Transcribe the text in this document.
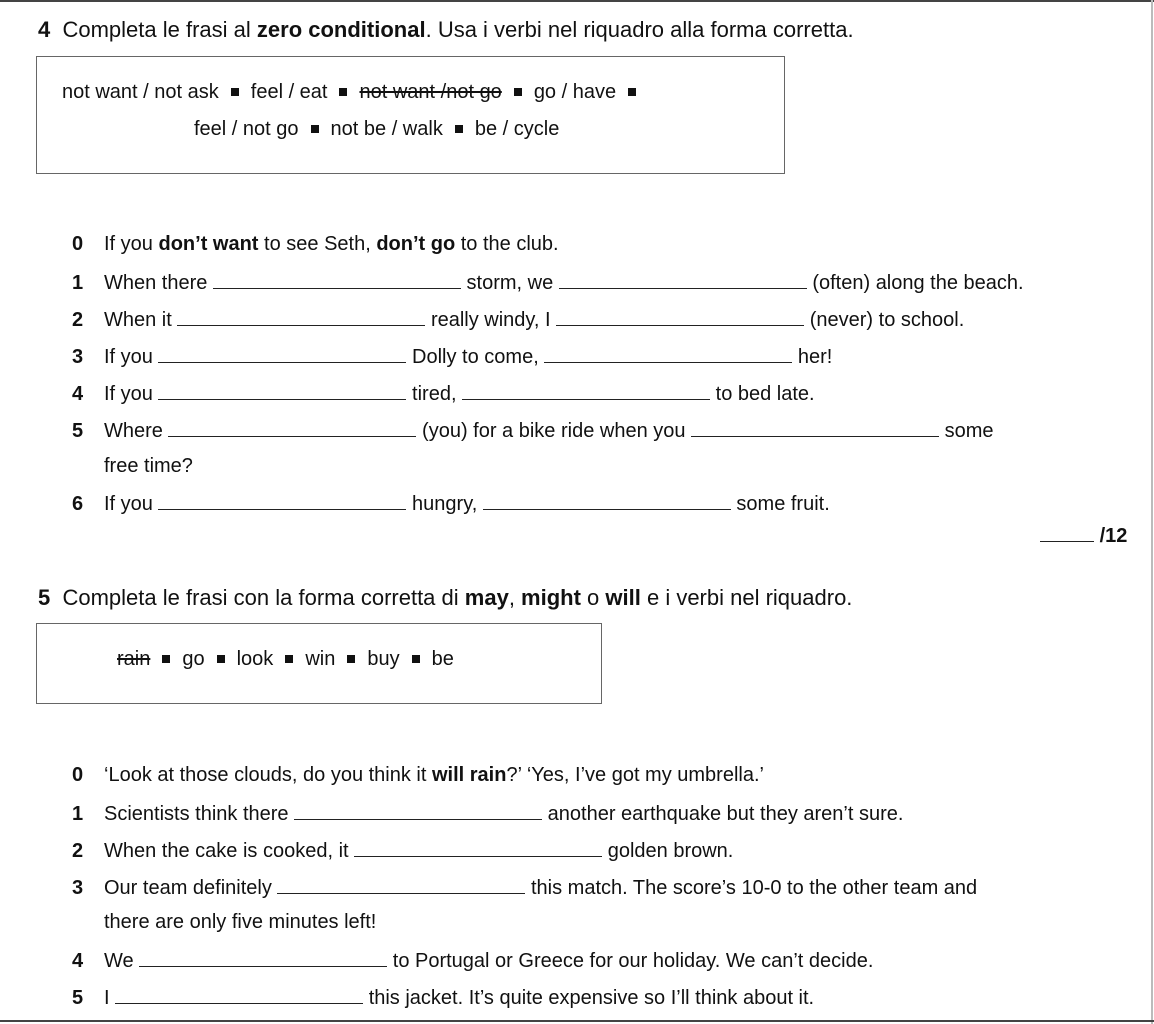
4 Completa le frasi al zero conditional. Usa i verbi nel riquadro alla forma corretta.
not want / not ask feel / eat not want /not go go / have
feel / not go not be / walk be / cycle
0 If you don’t want to see Seth, don’t go to the club.
1 When there	storm, we	(often) along the beach.
2 When it	really windy, I	(never) to school.
3 If you	Dolly to come,	her!
4 If you	tired,	to bed late.
5 Where	(you) for a bike ride when you	some
free time?
6 If you	hungry,	some fruit.
/12
5 Completa le frasi con la forma corretta di may, might o will e i verbi nel riquadro.
rain go look win buy be
0 ‘Look at those clouds, do you think it will rain?’ ‘Yes, I’ve got my umbrella.’
1 Scientists think there	another earthquake but they aren’t sure.
2 When the cake is cooked, it	golden brown.
3 Our team definitely	this match. The score’s 10-0 to the other team and
there are only five minutes left!
4 We	to Portugal or Greece for our holiday. We can’t decide.
5 I	this jacket. It’s quite expensive so I’ll think about it.
